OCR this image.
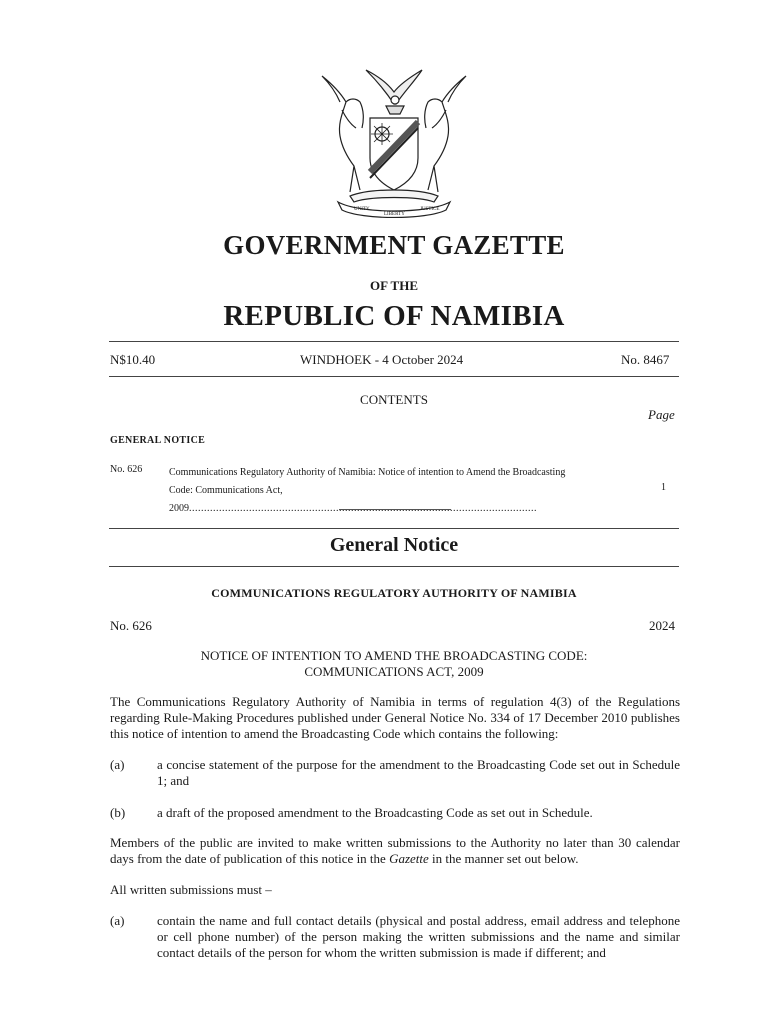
UNITY
LIBERTY
JUSTICE
GOVERNMENT GAZETTE
OF THE
REPUBLIC OF NAMIBIA
N$10.40	WINDHOEK - 4 October 2024	No. 8467
CONTENTS
Page
GENERAL NOTICE
No. 626	Communications Regulatory Authority of Namibia: Notice of intention to Amend the Broadcasting
Code: Communications Act, 2009....................................................................................................................
1
General Notice
COMMUNICATIONS REGULATORY AUTHORITY OF NAMIBIA
No. 626	2024
NOTICE OF INTENTION TO AMEND THE BROADCASTING CODE:
COMMUNICATIONS ACT, 2009
The Communications Regulatory Authority of Namibia in terms of regulation 4(3) of the Regulations regarding Rule-Making Procedures published under General Notice No. 334 of 17 December 2010 publishes this notice of intention to amend the Broadcasting Code which contains the following:
(a)	a concise statement of the purpose for the amendment to the Broadcasting Code set out in Schedule 1; and
(b) a draft of the proposed amendment to the Broadcasting Code as set out in Schedule.
Members of the public are invited to make written submissions to the Authority no later than 30 calendar days from the date of publication of this notice in the Gazette in the manner set out below.
All written submissions must –
(a)	contain the name and full contact details (physical and postal address, email address and telephone or cell phone number) of the person making the written submissions and the name and similar contact details of the person for whom the written submission is made if different; and
